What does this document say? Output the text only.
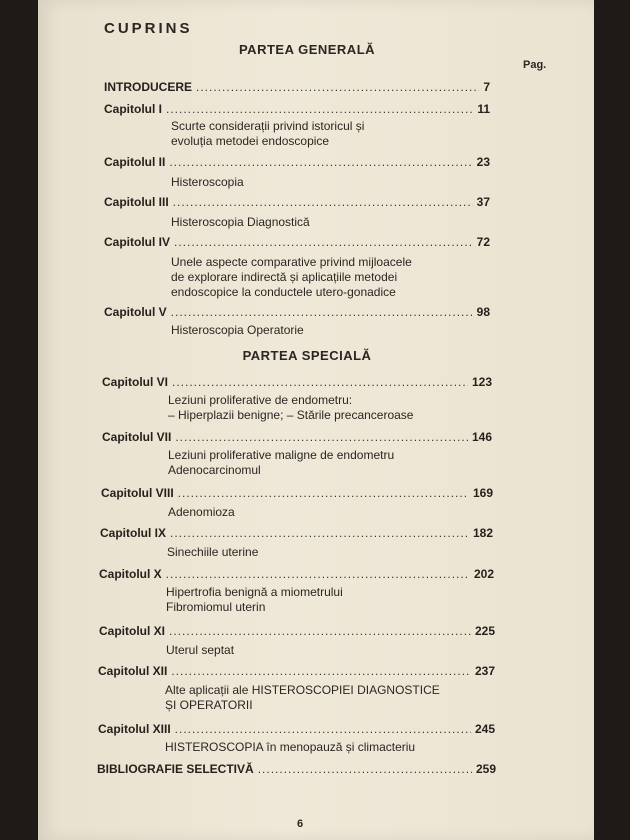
CUPRINS
PARTEA GENERALĂ
Pag.
INTRODUCERE .....	7
Capitolul I .....	11
Scurte considerații privind istoricul și
evoluția metodei endoscopice
Capitolul II .....	23
Histeroscopia
Capitolul III .....	37
Histeroscopia Diagnostică
Capitolul IV .....	72
Unele aspecte comparative privind mijloacele
de explorare indirectă și aplicațiile metodei
endoscopice la conductele utero-gonadice
Capitolul V .....	98
Histeroscopia Operatorie
PARTEA SPECIALĂ
Capitolul VI .....	123
Leziuni proliferative de endometru:
– Hiperplazii benigne; – Stările precanceroase
Capitolul VII .....	146
Leziuni proliferative maligne de endometru
Adenocarcinomul
Capitolul VIII .....	169
Adenomioza
Capitolul IX .....	182
Sinechiile uterine
Capitolul X .....	202
Hipertrofia benignă a miometrului
Fibromiomul uterin
Capitolul XI .....	225
Uterul septat
Capitolul XII .....	237
Alte aplicații ale HISTEROSCOPIEI DIAGNOSTICE
ȘI OPERATORII
Capitolul XIII .....	245
HISTEROSCOPIA în menopauză și climacteriu
BIBLIOGRAFIE SELECTIVĂ .....	259
6
